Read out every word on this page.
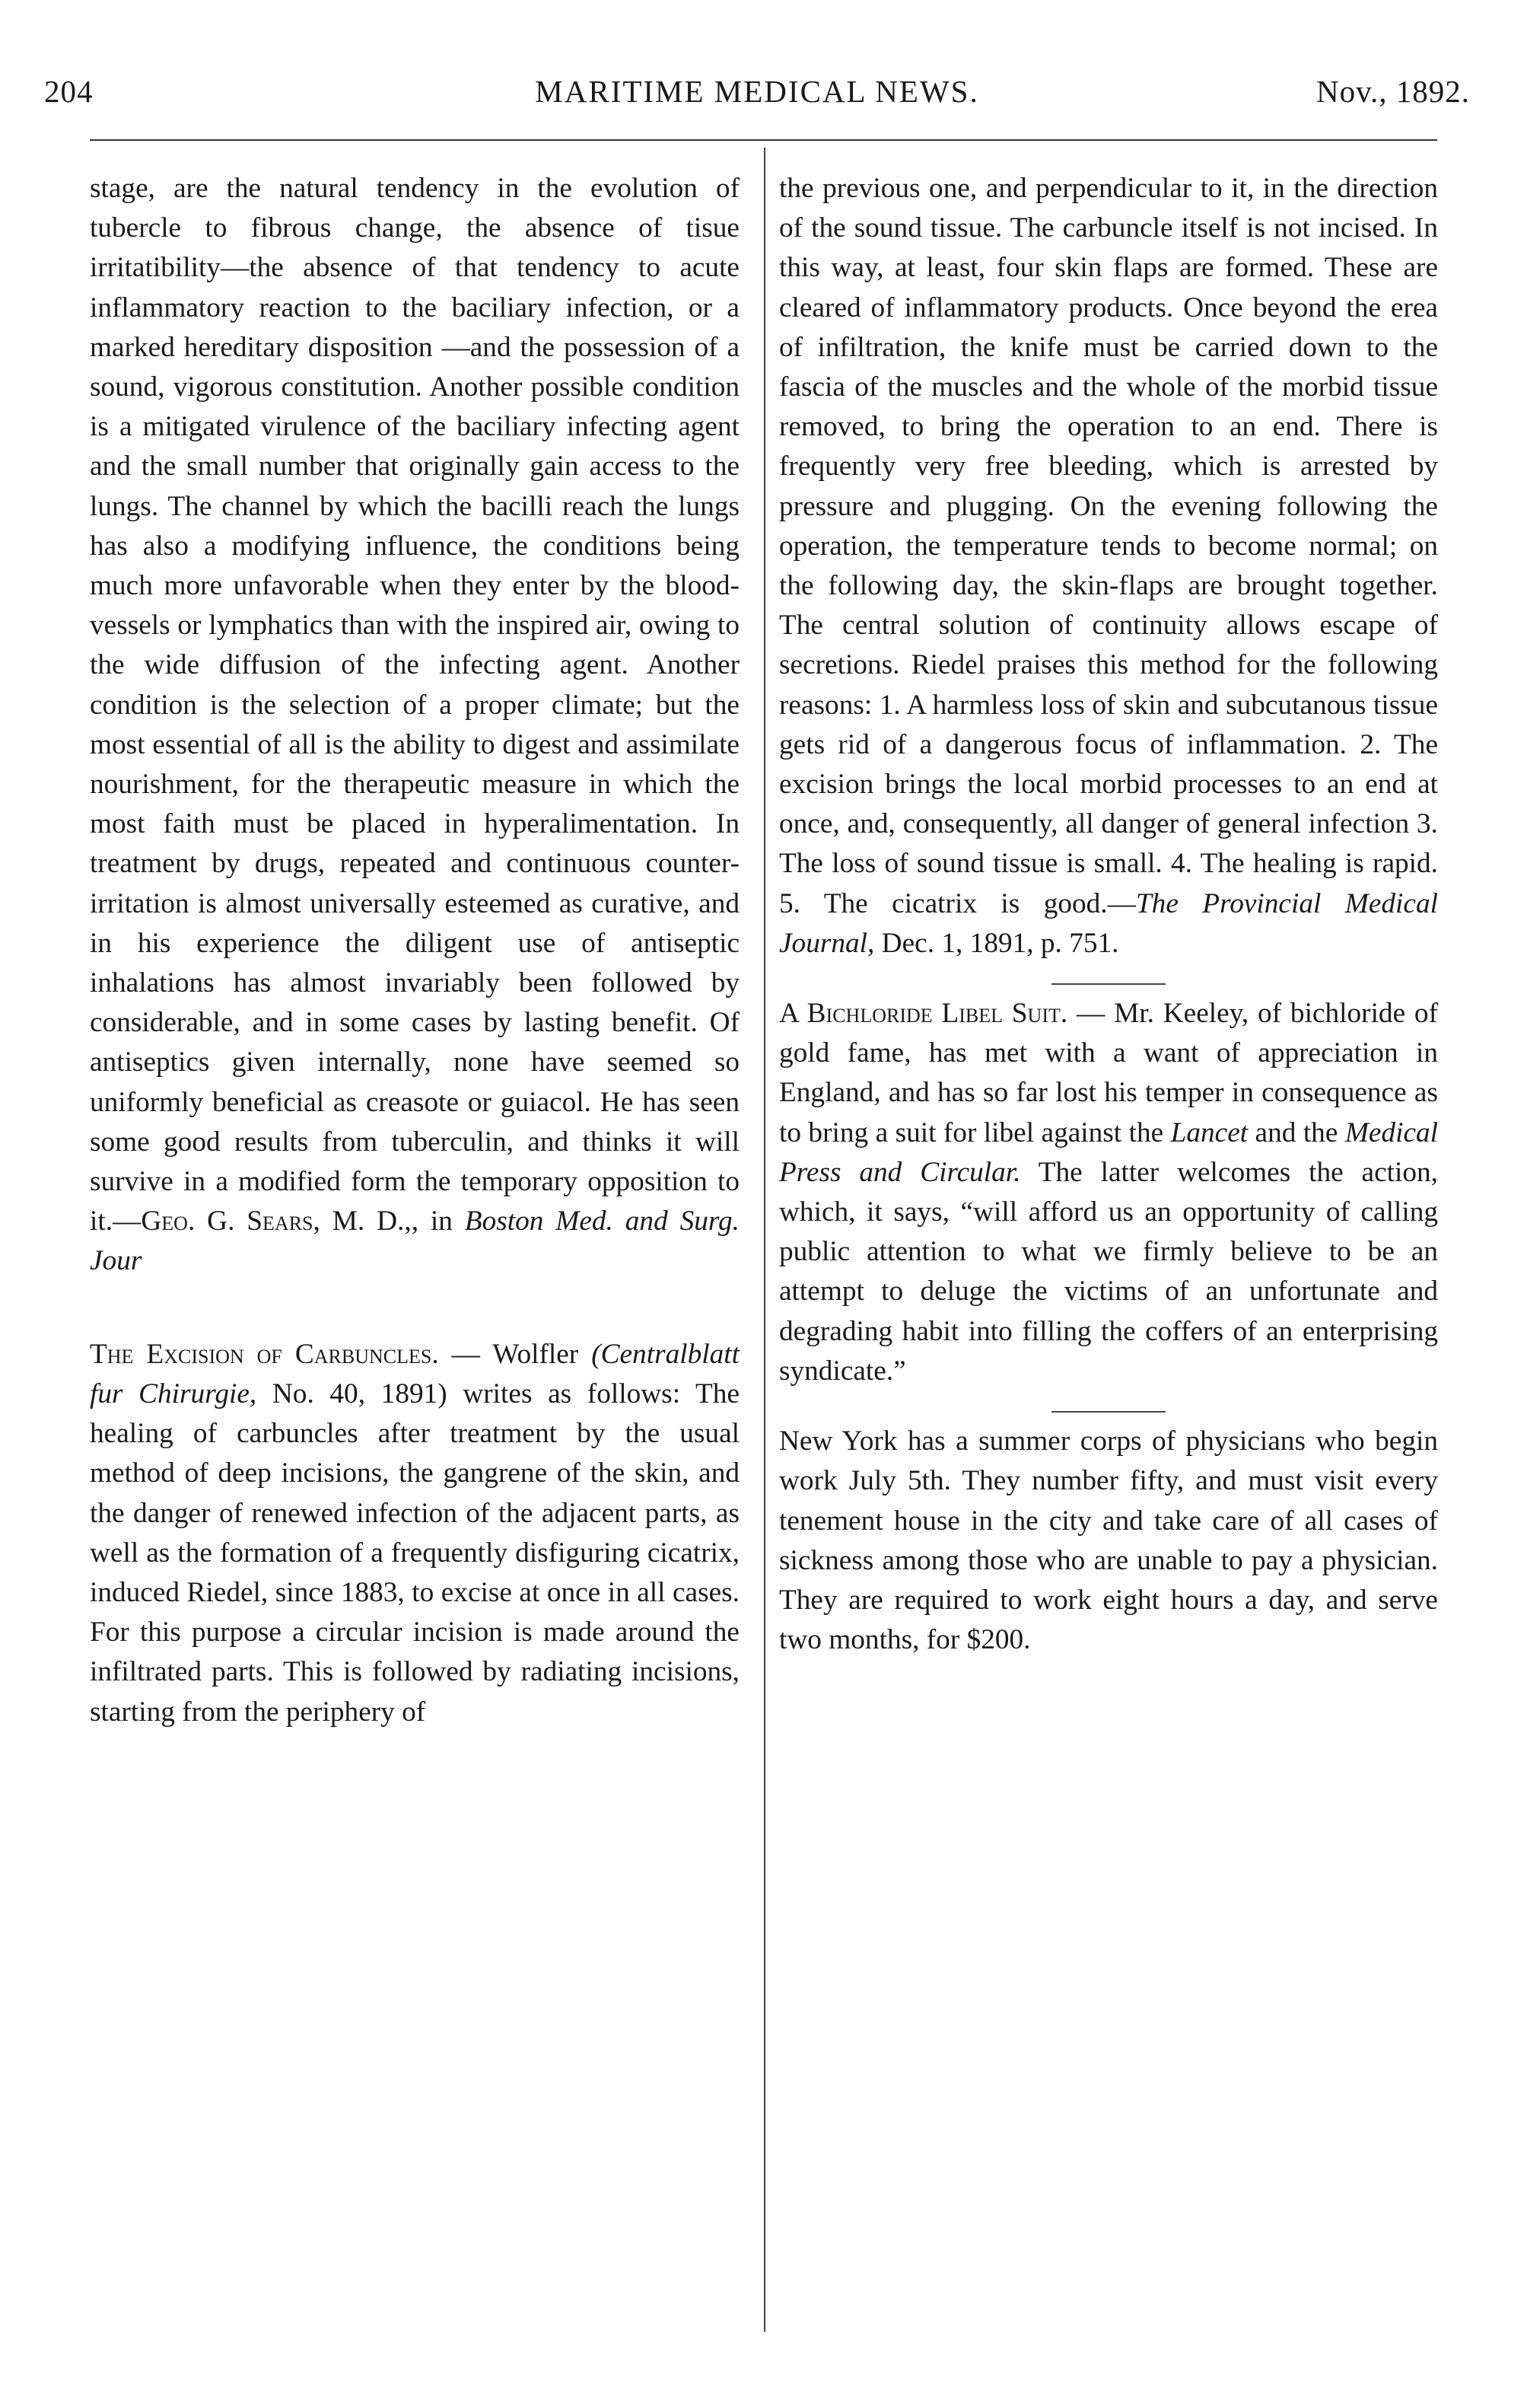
204	MARITIME MEDICAL NEWS.	Nov., 1892.

stage, are the natural tendency in the evolution of tubercle to fibrous change, the absence of tisue irritatibility—the absence of that tendency to acute inflammatory reaction to the baciliary infection, or a marked hereditary disposition —and the possession of a sound, vigorous constitution. Another possible condition is a mitigated virulence of the baciliary infecting agent and the small number that originally gain access to the lungs. The channel by which the bacilli reach the lungs has also a modifying influence, the conditions being much more unfavorable when they enter by the blood-vessels or lymphatics than with the inspired air, owing to the wide diffusion of the infecting agent. Another condition is the selection of a proper climate; but the most essential of all is the ability to digest and assimilate nourishment, for the therapeutic measure in which the most faith must be placed in hyperalimentation. In treatment by drugs, repeated and continuous counter-irritation is almost universally esteemed as curative, and in his experience the diligent use of antiseptic inhalations has almost invariably been followed by considerable, and in some cases by lasting benefit. Of antiseptics given internally, none have seemed so uniformly beneficial as creasote or guiacol. He has seen some good results from tuberculin, and thinks it will survive in a modified form the temporary opposition to it.—Geo. G. Sears, M. D.,, in Boston Med. and Surg. Jour

The Excision of Carbuncles. — Wolfler (Centralblatt fur Chirurgie, No. 40, 1891) writes as follows: The healing of carbuncles after treatment by the usual method of deep incisions, the gangrene of the skin, and the danger of renewed infection of the adjacent parts, as well as the formation of a frequently disfiguring cicatrix, induced Riedel, since 1883, to excise at once in all cases. For this purpose a circular incision is made around the infiltrated parts. This is followed by radiating incisions, starting from the periphery of

the previous one, and perpendicular to it, in the direction of the sound tissue. The carbuncle itself is not incised. In this way, at least, four skin flaps are formed. These are cleared of inflammatory products. Once beyond the erea of infiltration, the knife must be carried down to the fascia of the muscles and the whole of the morbid tissue removed, to bring the operation to an end. There is frequently very free bleeding, which is arrested by pressure and plugging. On the evening following the operation, the temperature tends to become normal; on the following day, the skin-flaps are brought together. The central solution of continuity allows escape of secretions. Riedel praises this method for the following reasons: 1. A harmless loss of skin and subcutanous tissue gets rid of a dangerous focus of inflammation. 2. The excision brings the local morbid processes to an end at once, and, consequently, all danger of general infection 3. The loss of sound tissue is small. 4. The healing is rapid. 5. The cicatrix is good.—The Provincial Medical Journal, Dec. 1, 1891, p. 751.

A Bichloride Libel Suit. — Mr. Keeley, of bichloride of gold fame, has met with a want of appreciation in England, and has so far lost his temper in consequence as to bring a suit for libel against the Lancet and the Medical Press and Circular. The latter welcomes the action, which, it says, “will afford us an opportunity of calling public attention to what we firmly believe to be an attempt to deluge the victims of an unfortunate and degrading habit into filling the coffers of an enterprising syndicate.”

New York has a summer corps of physicians who begin work July 5th. They number fifty, and must visit every tenement house in the city and take care of all cases of sickness among those who are unable to pay a physician. They are required to work eight hours a day, and serve two months, for $200.
